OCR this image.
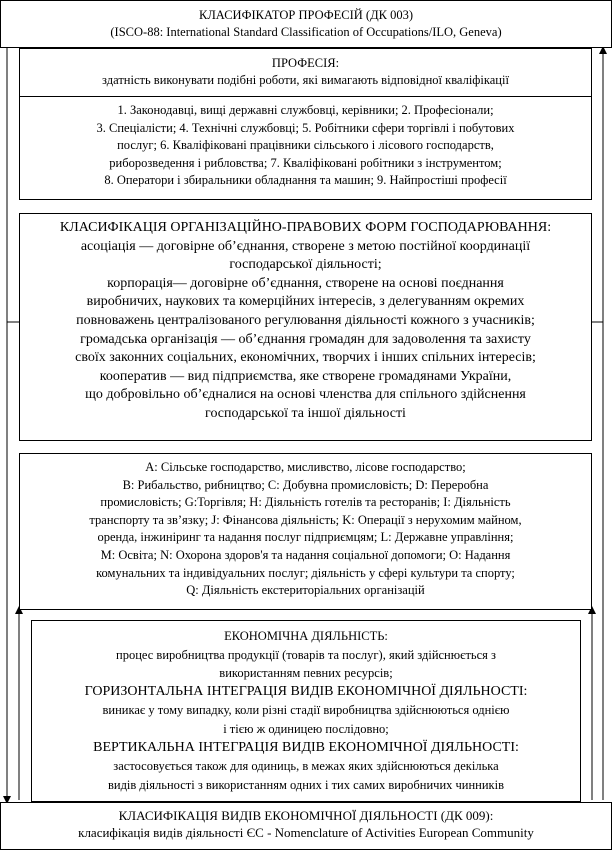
КЛАСИФІКАТОР ПРОФЕСІЙ (ДК 003)
(ISCO-88: International Standard Classification of Occupations/ILO, Geneva)
ПРОФЕСІЯ:
здатність виконувати подібні роботи, які вимагають відповідної кваліфікації
1. Законодавці, вищі державні службовці, керівники; 2. Професіонали;
3. Спеціалісти; 4. Технічні службовці; 5. Робітники сфери торгівлі і побутових
послуг; 6. Кваліфіковані працівники сільського і лісового господарств,
риборозведення і рибловства; 7. Кваліфіковані робітники з інструментом;
8. Оператори і збиральники обладнання та машин; 9. Найпростіші професії
КЛАСИФІКАЦІЯ ОРГАНІЗАЦІЙНО-ПРАВОВИХ ФОРМ ГОСПОДАРЮВАННЯ:
асоціація — договірне об’єднання, створене з метою постійної координації
господарської діяльності;
корпорація— договірне об’єднання, створене на основі поєднання
виробничих, наукових та комерційних інтересів, з делегуванням окремих
повноважень централізованого регулювання діяльності кожного з учасників;
громадська організація — об’єднання громадян для задоволення та захисту
своїх законних соціальних, економічних, творчих і інших спільних інтересів;
кооператив — вид підприємства, яке створене громадянами України,
що добровільно об’єдналися на основі членства для спільного здійснення
господарської та іншої діяльності
A: Сільське господарство, мисливство, лісове господарство;
B: Рибальство, рибництво; C: Добувна промисловість; D: Переробна
промисловість; G:Торгівля; H: Діяльність готелів та ресторанів; I: Діяльність
транспорту та зв’язку; J: Фінансова діяльність; K: Операції з нерухомим майном,
оренда, інжиніринг та надання послуг підприємцям; L: Державне управління;
M: Освіта; N: Охорона здоров'я та надання соціальної допомоги; O: Надання
комунальних та індивідуальних послуг; діяльність у сфері культури та спорту;
Q: Діяльність екстериторіальних організацій
ЕКОНОМІЧНА ДІЯЛЬНІСТЬ:
процес виробництва продукції (товарів та послуг), який здійснюється з
використанням певних ресурсів;
ГОРИЗОНТАЛЬНА ІНТЕГРАЦІЯ ВИДІВ ЕКОНОМІЧНОЇ ДІЯЛЬНОСТІ:
виникає у тому випадку, коли різні стадії виробництва здійснюються однією
і тією ж одиницею послідовно;
ВЕРТИКАЛЬНА ІНТЕГРАЦІЯ ВИДІВ ЕКОНОМІЧНОЇ ДІЯЛЬНОСТІ:
застосовується також для одиниць, в межах яких здійснюються декілька
видів діяльності з використанням одних і тих самих виробничих чинників
КЛАСИФІКАЦІЯ ВИДІВ ЕКОНОМІЧНОЇ ДІЯЛЬНОСТІ (ДК 009):
класифікація видів діяльності ЄС - Nomenclature of Activities European Community
